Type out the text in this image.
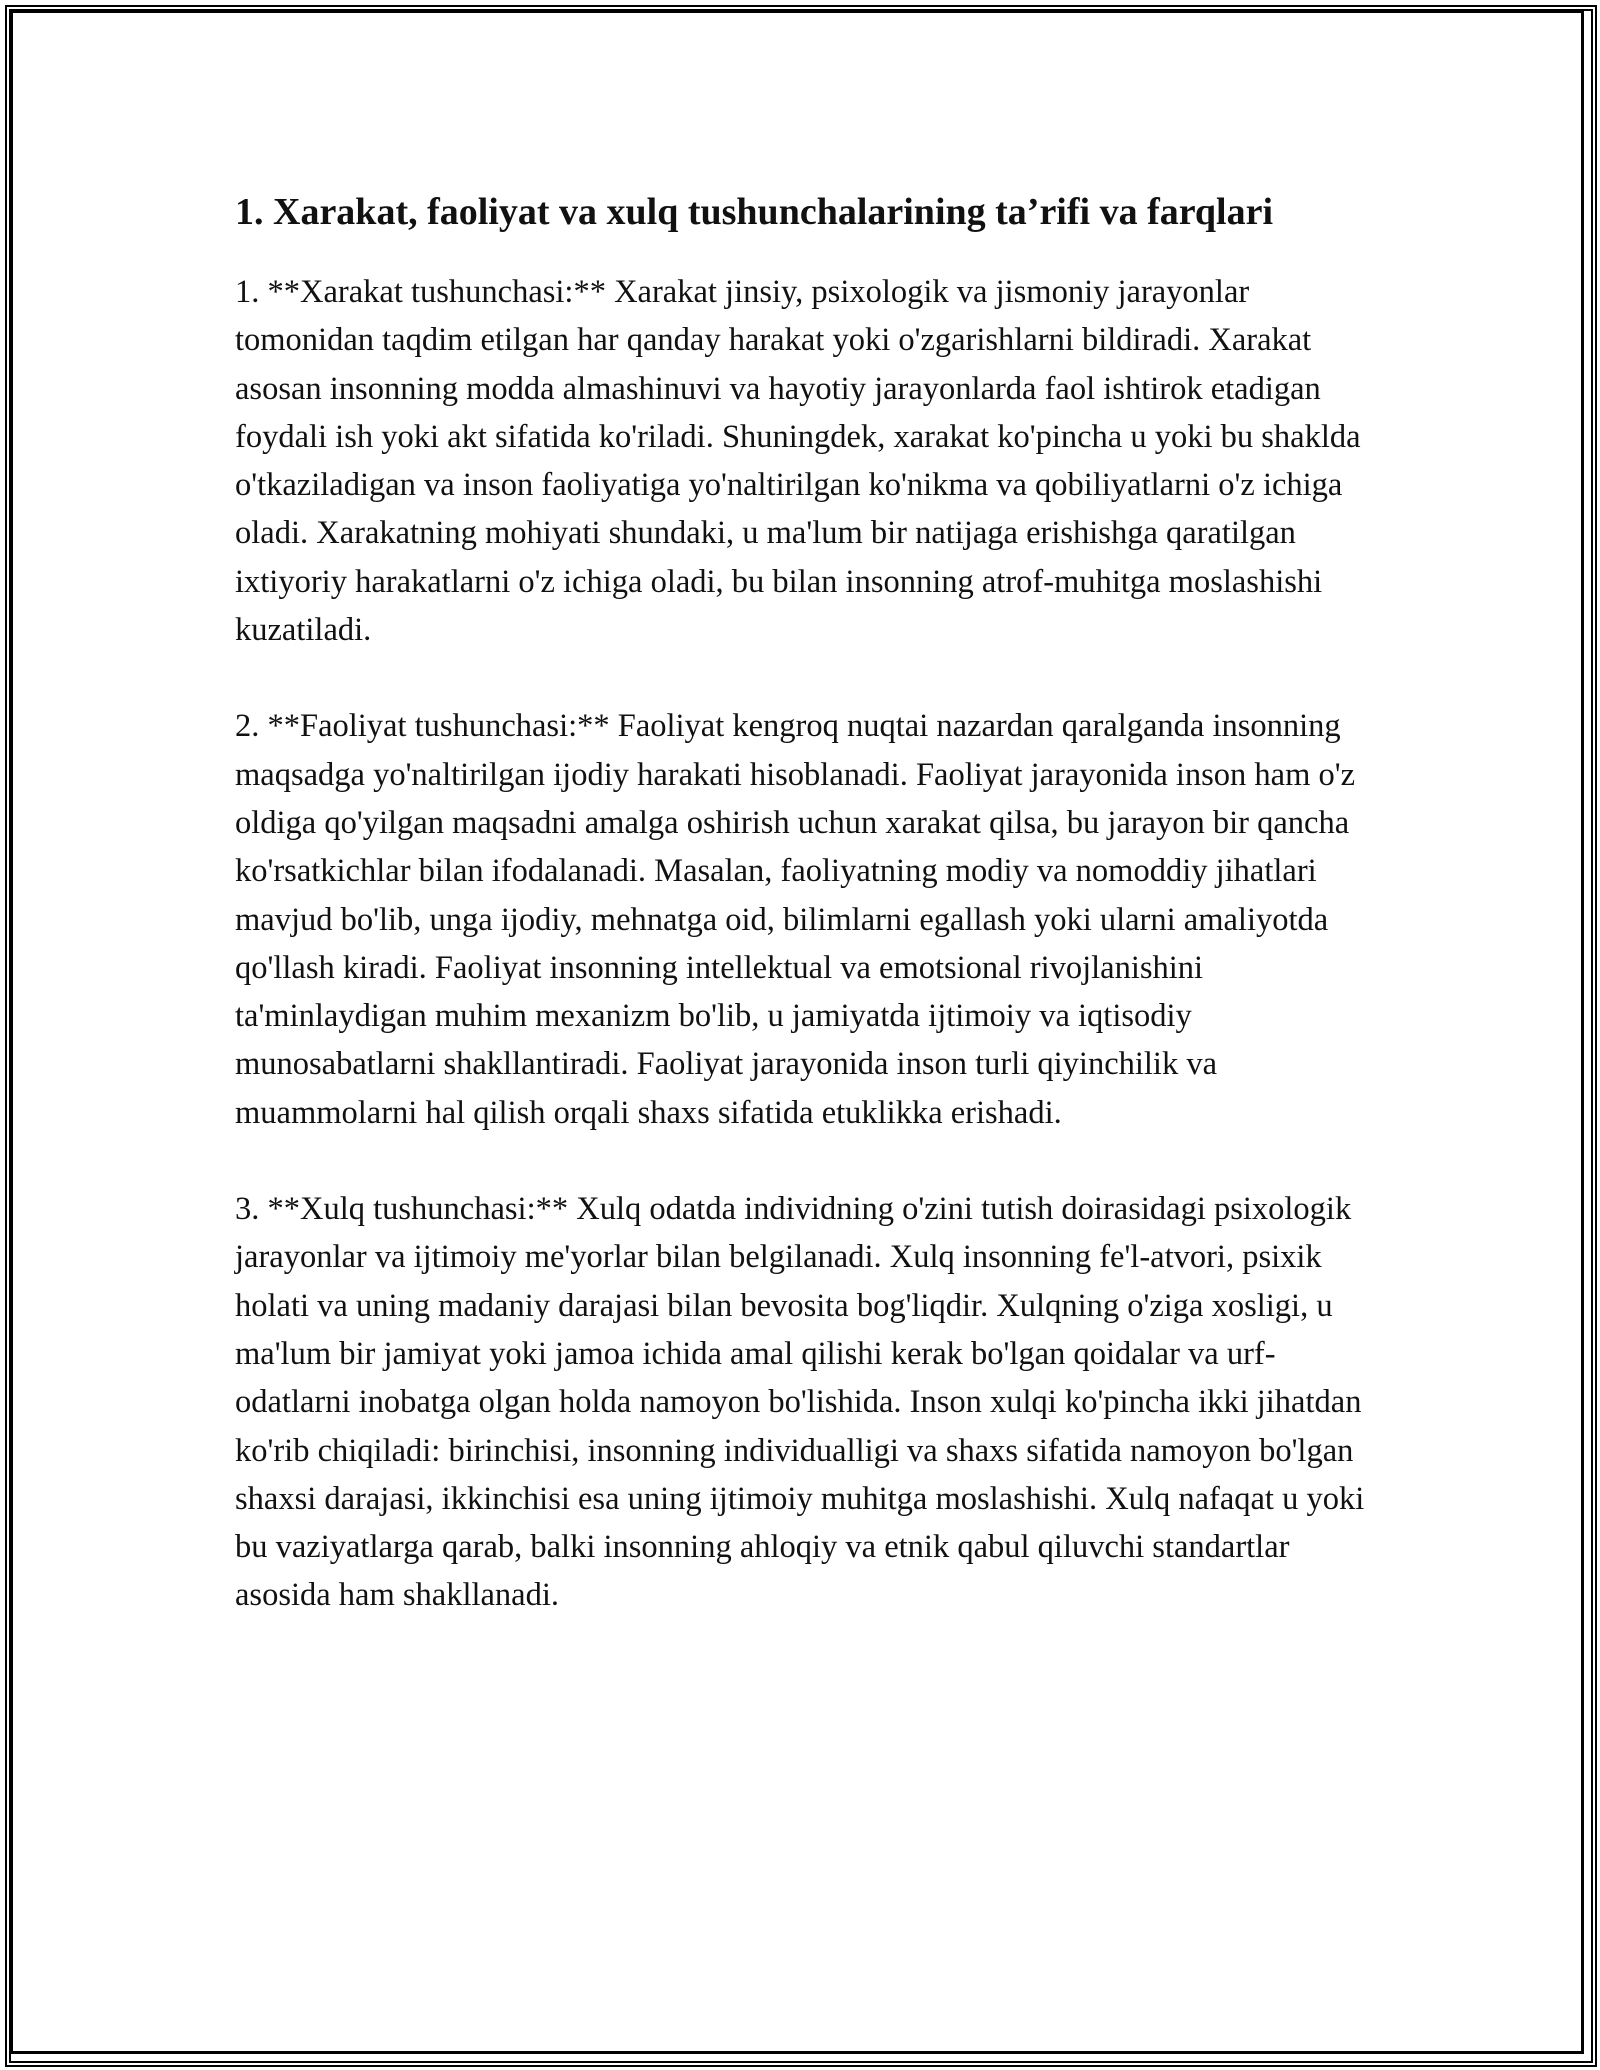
1. Xarakat, faoliyat va xulq tushunchalarining ta’rifi va farqlari

1. **Xarakat tushunchasi:** Xarakat jinsiy, psixologik va jismoniy jarayonlar tomonidan taqdim etilgan har qanday harakat yoki o'zgarishlarni bildiradi. Xarakat asosan insonning modda almashinuvi va hayotiy jarayonlarda faol ishtirok etadigan foydali ish yoki akt sifatida ko'riladi. Shuningdek, xarakat ko'pincha u yoki bu shaklda o'tkaziladigan va inson faoliyatiga yo'naltirilgan ko'nikma va qobiliyatlarni o'z ichiga oladi. Xarakatning mohiyati shundaki, u ma'lum bir natijaga erishishga qaratilgan ixtiyoriy harakatlarni o'z ichiga oladi, bu bilan insonning atrof-muhitga moslashishi kuzatiladi.

2. **Faoliyat tushunchasi:** Faoliyat kengroq nuqtai nazardan qaralganda insonning maqsadga yo'naltirilgan ijodiy harakati hisoblanadi. Faoliyat jarayonida inson ham o'z oldiga qo'yilgan maqsadni amalga oshirish uchun xarakat qilsa, bu jarayon bir qancha ko'rsatkichlar bilan ifodalanadi. Masalan, faoliyatning modiy va nomoddiy jihatlari mavjud bo'lib, unga ijodiy, mehnatga oid, bilimlarni egallash yoki ularni amaliyotda qo'llash kiradi. Faoliyat insonning intellektual va emotsional rivojlanishini ta'minlaydigan muhim mexanizm bo'lib, u jamiyatda ijtimoiy va iqtisodiy munosabatlarni shakllantiradi. Faoliyat jarayonida inson turli qiyinchilik va muammolarni hal qilish orqali shaxs sifatida etuklikka erishadi.

3. **Xulq tushunchasi:** Xulq odatda individning o'zini tutish doirasidagi psixologik jarayonlar va ijtimoiy me'yorlar bilan belgilanadi. Xulq insonning fe'l-atvori, psixik holati va uning madaniy darajasi bilan bevosita bog'liqdir. Xulqning o'ziga xosligi, u ma'lum bir jamiyat yoki jamoa ichida amal qilishi kerak bo'lgan qoidalar va urf-odatlarni inobatga olgan holda namoyon bo'lishida. Inson xulqi ko'pincha ikki jihatdan ko'rib chiqiladi: birinchisi, insonning individualligi va shaxs sifatida namoyon bo'lgan shaxsi darajasi, ikkinchisi esa uning ijtimoiy muhitga moslashishi. Xulq nafaqat u yoki bu vaziyatlarga qarab, balki insonning ahloqiy va etnik qabul qiluvchi standartlar asosida ham shakllanadi.
